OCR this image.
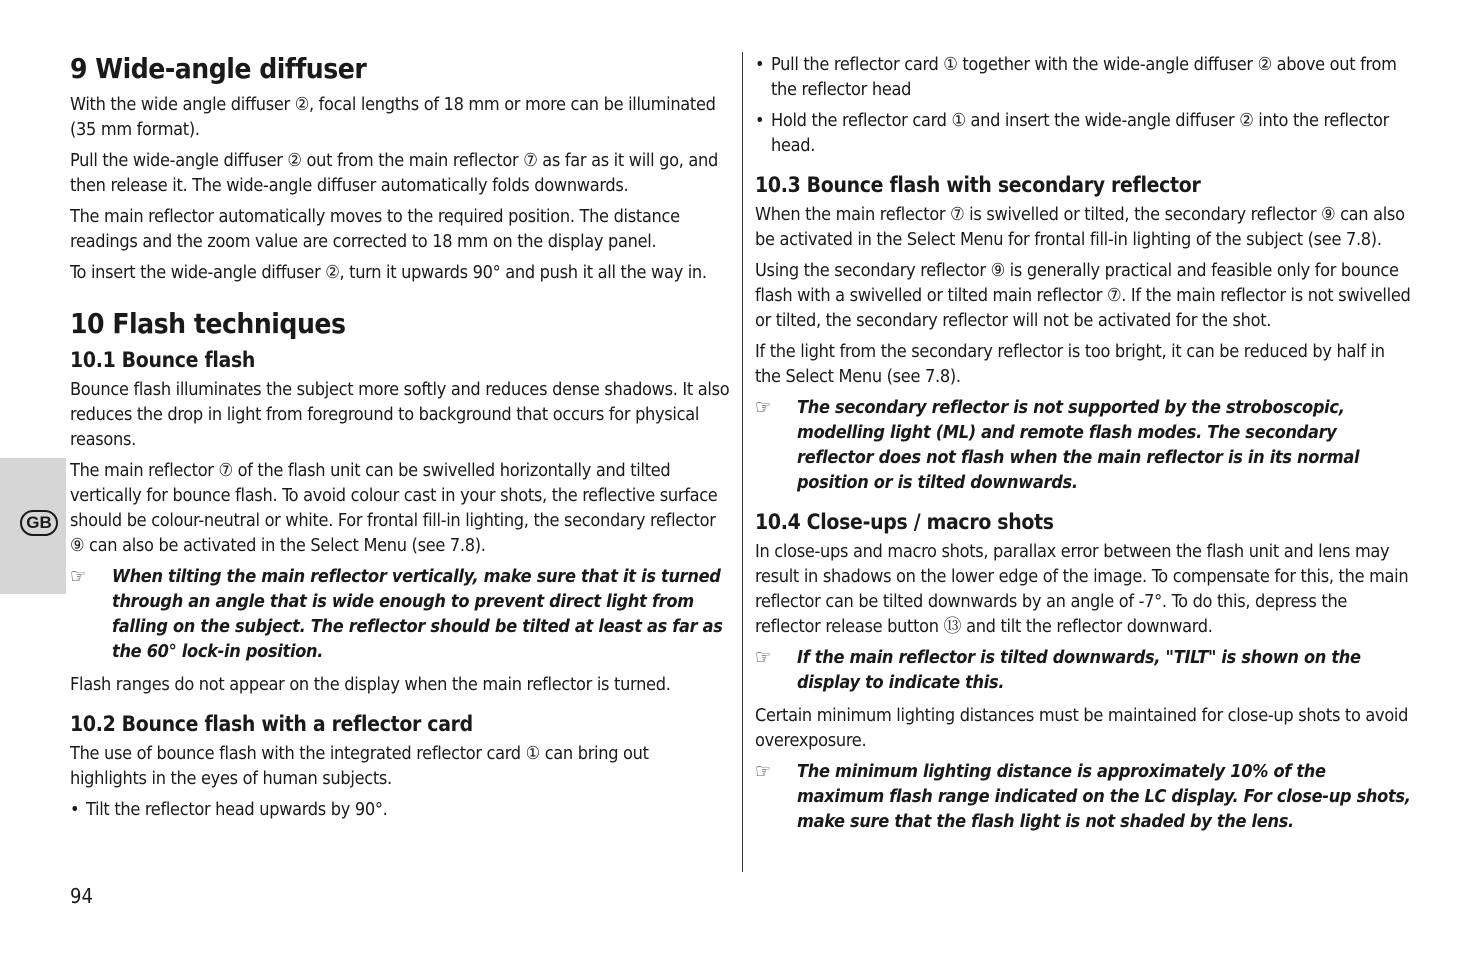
GB
9 Wide-angle diffuser

With the wide angle diffuser ②, focal lengths of 18 mm or more can be illuminated (35 mm format).

Pull the wide-angle diffuser ② out from the main reflector ⑦ as far as it will go, and then release it. The wide-angle diffuser automatically folds downwards.

The main reflector automatically moves to the required position. The distance readings and the zoom value are corrected to 18 mm on the display panel.

To insert the wide-angle diffuser ②, turn it upwards 90° and push it all the way in.

10 Flash techniques
10.1 Bounce flash

Bounce flash illuminates the subject more softly and reduces dense shadows. It also reduces the drop in light from foreground to background that occurs for physical reasons.

The main reflector ⑦ of the flash unit can be swivelled horizontally and tilted vertically for bounce flash. To avoid colour cast in your shots, the reflective surface should be colour-neutral or white. For frontal fill-in lighting, the secondary reflector ⑨ can also be activated in the Select Menu (see 7.8).

☞	When tilting the main reflector vertically, make sure that it is turned through an angle that is wide enough to prevent direct light from falling on the subject. The reflector should be tilted at least as far as the 60° lock-in position.

Flash ranges do not appear on the display when the main reflector is turned.

10.2 Bounce flash with a reflector card

The use of bounce flash with the integrated reflector card ① can bring out highlights in the eyes of human subjects.

• Tilt the reflector head upwards by 90°.
• Pull the reflector card ① together with the wide-angle diffuser ② above out from the reflector head
• Hold the reflector card ① and insert the wide-angle diffuser ② into the reflector head.
10.3 Bounce flash with secondary reflector

When the main reflector ⑦ is swivelled or tilted, the secondary reflector ⑨ can also be activated in the Select Menu for frontal fill-in lighting of the subject (see 7.8).

Using the secondary reflector ⑨ is generally practical and feasible only for bounce flash with a swivelled or tilted main reflector ⑦. If the main reflector is not swivelled or tilted, the secondary reflector will not be activated for the shot.

If the light from the secondary reflector is too bright, it can be reduced by half in the Select Menu (see 7.8).

☞	The secondary reflector is not supported by the stroboscopic, modelling light (ML) and remote flash modes. The secondary reflector does not flash when the main reflector is in its normal position or is tilted downwards.
10.4 Close-ups / macro shots

In close-ups and macro shots, parallax error between the flash unit and lens may result in shadows on the lower edge of the image. To compensate for this, the main reflector can be tilted downwards by an angle of -7°. To do this, depress the reflector release button ⑬ and tilt the reflector downward.

☞	If the main reflector is tilted downwards, "TILT" is shown on the display to indicate this.

Certain minimum lighting distances must be maintained for close-up shots to avoid overexposure.

☞	The minimum lighting distance is approximately 10% of the maximum flash range indicated on the LC display. For close-up shots, make sure that the flash light is not shaded by the lens.
94
